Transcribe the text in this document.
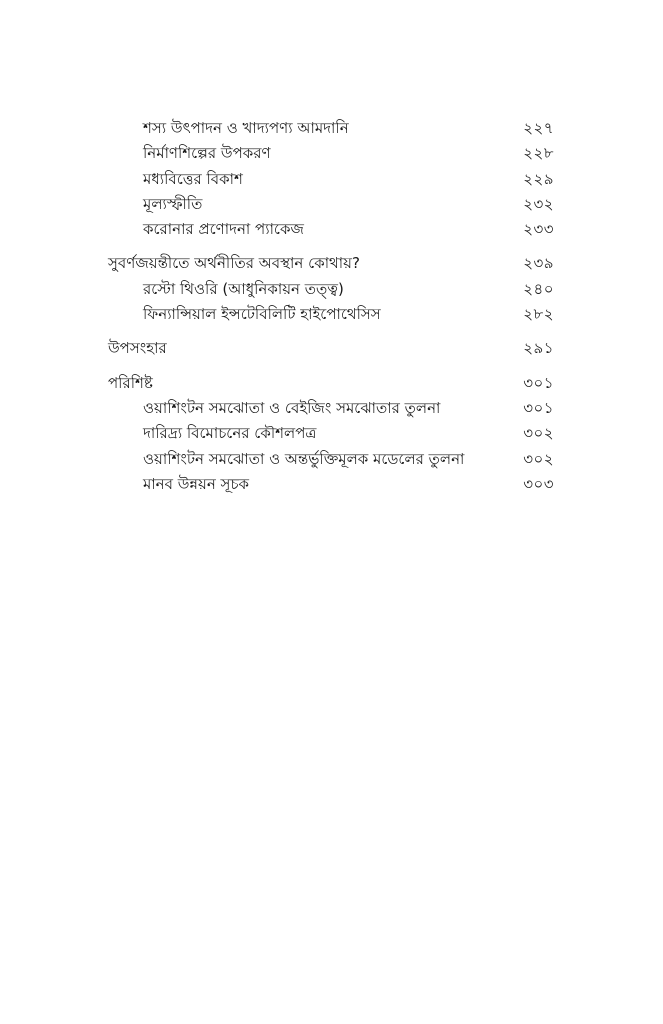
শস্য উৎপাদন ও খাদ্যপণ্য আমদানি	২২৭
নির্মাণশিল্পের উপকরণ	২২৮
মধ্যবিত্তের বিকাশ	২২৯
মূল্যস্ফীতি	২৩২
করোনার প্রণোদনা প্যাকেজ	২৩৩
সুবর্ণজয়ন্তীতে অর্থনীতির অবস্থান কোথায়?	২৩৯
রস্টো থিওরি (আধুনিকায়ন তত্ত্ব)	২৪০
ফিন্যান্সিয়াল ইন্সটেবিলিটি হাইপোথেসিস	২৮২
উপসংহার	২৯১
পরিশিষ্ট	৩০১
ওয়াশিংটন সমঝোতা ও বেইজিং সমঝোতার তুলনা	৩০১
দারিদ্র্য বিমোচনের কৌশলপত্র	৩০২
ওয়াশিংটন সমঝোতা ও অন্তর্ভুক্তিমূলক মডেলের তুলনা	৩০২
মানব উন্নয়ন সূচক	৩০৩
